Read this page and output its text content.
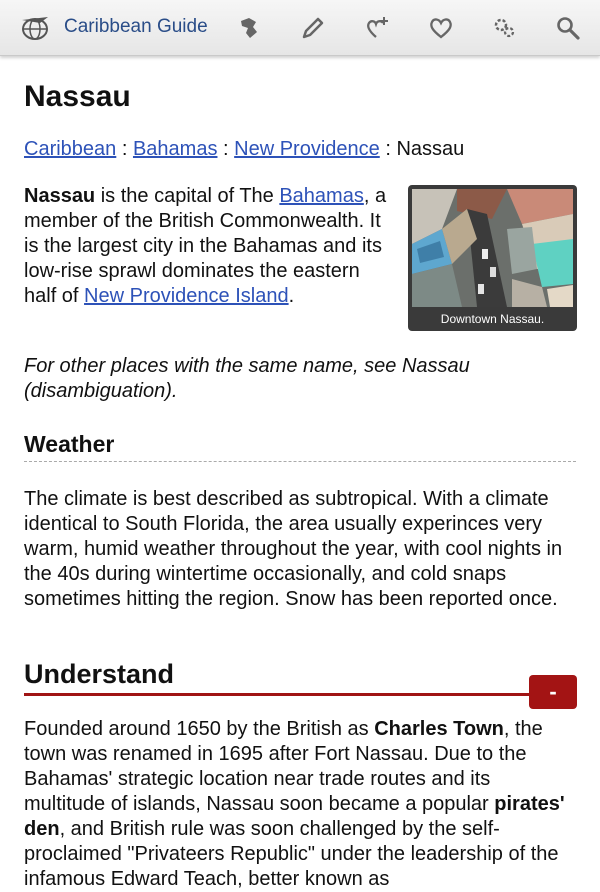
Caribbean Guide
Nassau
Caribbean : Bahamas : New Providence : Nassau
Downtown Nassau.

Nassau is the capital of The Bahamas, a member of the British Commonwealth. It is the largest city in the Bahamas and its low-rise sprawl dominates the eastern half of New Providence Island.

For other places with the same name, see Nassau (disambiguation).

Weather

The climate is best described as subtropical. With a climate identical to South Florida, the area usually experinces very warm, humid weather throughout the year, with cool nights in the 40s during wintertime occasionally, and cold snaps sometimes hitting the region. Snow has been reported once.

Understand
-

Founded around 1650 by the British as Charles Town, the town was renamed in 1695 after Fort Nassau. Due to the Bahamas' strategic location near trade routes and its multitude of islands, Nassau soon became a popular pirates' den, and British rule was soon challenged by the self-proclaimed "Privateers Republic" under the leadership of the infamous Edward Teach, better known as
